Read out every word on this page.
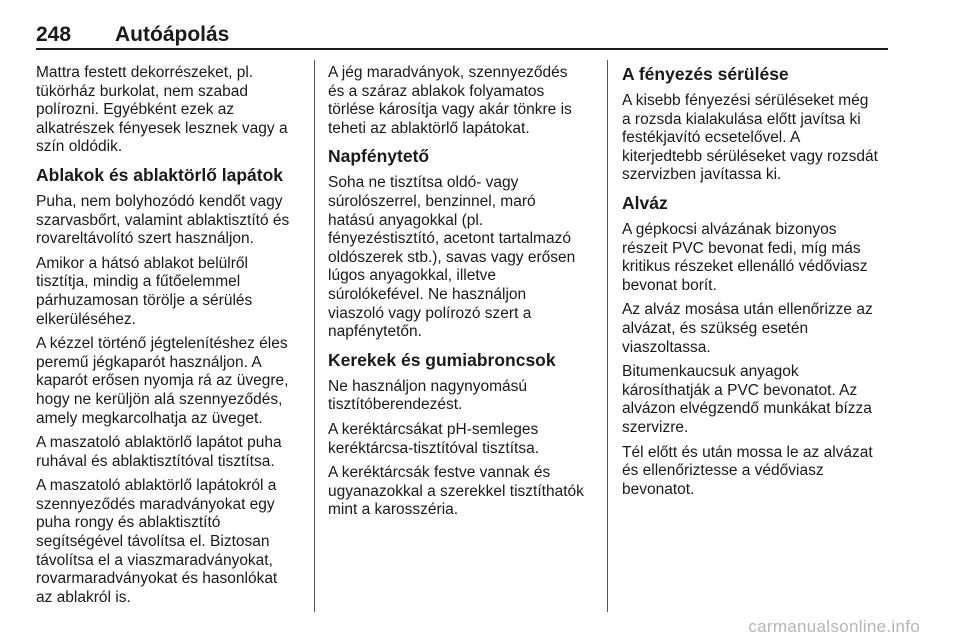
248 Autóápolás

Mattra festett dekorrészeket, pl.
tükörház burkolat, nem szabad
polírozni. Egyébként ezek az
alkatrészek fényesek lesznek vagy a
szín oldódik.

Ablakok és ablaktörlő lapátok

Puha, nem bolyhozódó kendőt vagy
szarvasbőrt, valamint ablaktisztító és
rovareltávolító szert használjon.

Amikor a hátsó ablakot belülről
tisztítja, mindig a fűtőelemmel
párhuzamosan törölje a sérülés
elkerüléséhez.

A kézzel történő jégtelenítéshez éles
peremű jégkaparót használjon. A
kaparót erősen nyomja rá az üvegre,
hogy ne kerüljön alá szennyeződés,
amely megkarcolhatja az üveget.

A maszatoló ablaktörlő lapátot puha
ruhával és ablaktisztítóval tisztítsa.

A maszatoló ablaktörlő lapátokról a
szennyeződés maradványokat egy
puha rongy és ablaktisztító
segítségével távolítsa el. Biztosan
távolítsa el a viaszmaradványokat,
rovarmaradványokat és hasonlókat
az ablakról is.

A jég maradványok, szennyeződés
és a száraz ablakok folyamatos
törlése károsítja vagy akár tönkre is
teheti az ablaktörlő lapátokat.

Napfénytető

Soha ne tisztítsa oldó- vagy
súrolószerrel, benzinnel, maró
hatású anyagokkal (pl.
fényezéstisztító, acetont tartalmazó
oldószerek stb.), savas vagy erősen
lúgos anyagokkal, illetve
súrolókefével. Ne használjon
viaszoló vagy polírozó szert a
napfénytetőn.

Kerekek és gumiabroncsok

Ne használjon nagynyomású
tisztítóberendezést.

A keréktárcsákat pH-semleges
keréktárcsa-tisztítóval tisztítsa.

A keréktárcsák festve vannak és
ugyanazokkal a szerekkel tisztíthatók
mint a karosszéria.

A fényezés sérülése

A kisebb fényezési sérüléseket még
a rozsda kialakulása előtt javítsa ki
festékjavító ecsetelővel. A
kiterjedtebb sérüléseket vagy rozsdát
szervizben javítassa ki.

Alváz

A gépkocsi alvázának bizonyos
részeit PVC bevonat fedi, míg más
kritikus részeket ellenálló védőviasz
bevonat borít.

Az alváz mosása után ellenőrizze az
alvázat, és szükség esetén
viaszoltassa.

Bitumenkaucsuk anyagok
károsíthatják a PVC bevonatot. Az
alvázon elvégzendő munkákat bízza
szervizre.

Tél előtt és után mossa le az alvázat
és ellenőriztesse a védőviasz
bevonatot.

carmanualsonline.info
